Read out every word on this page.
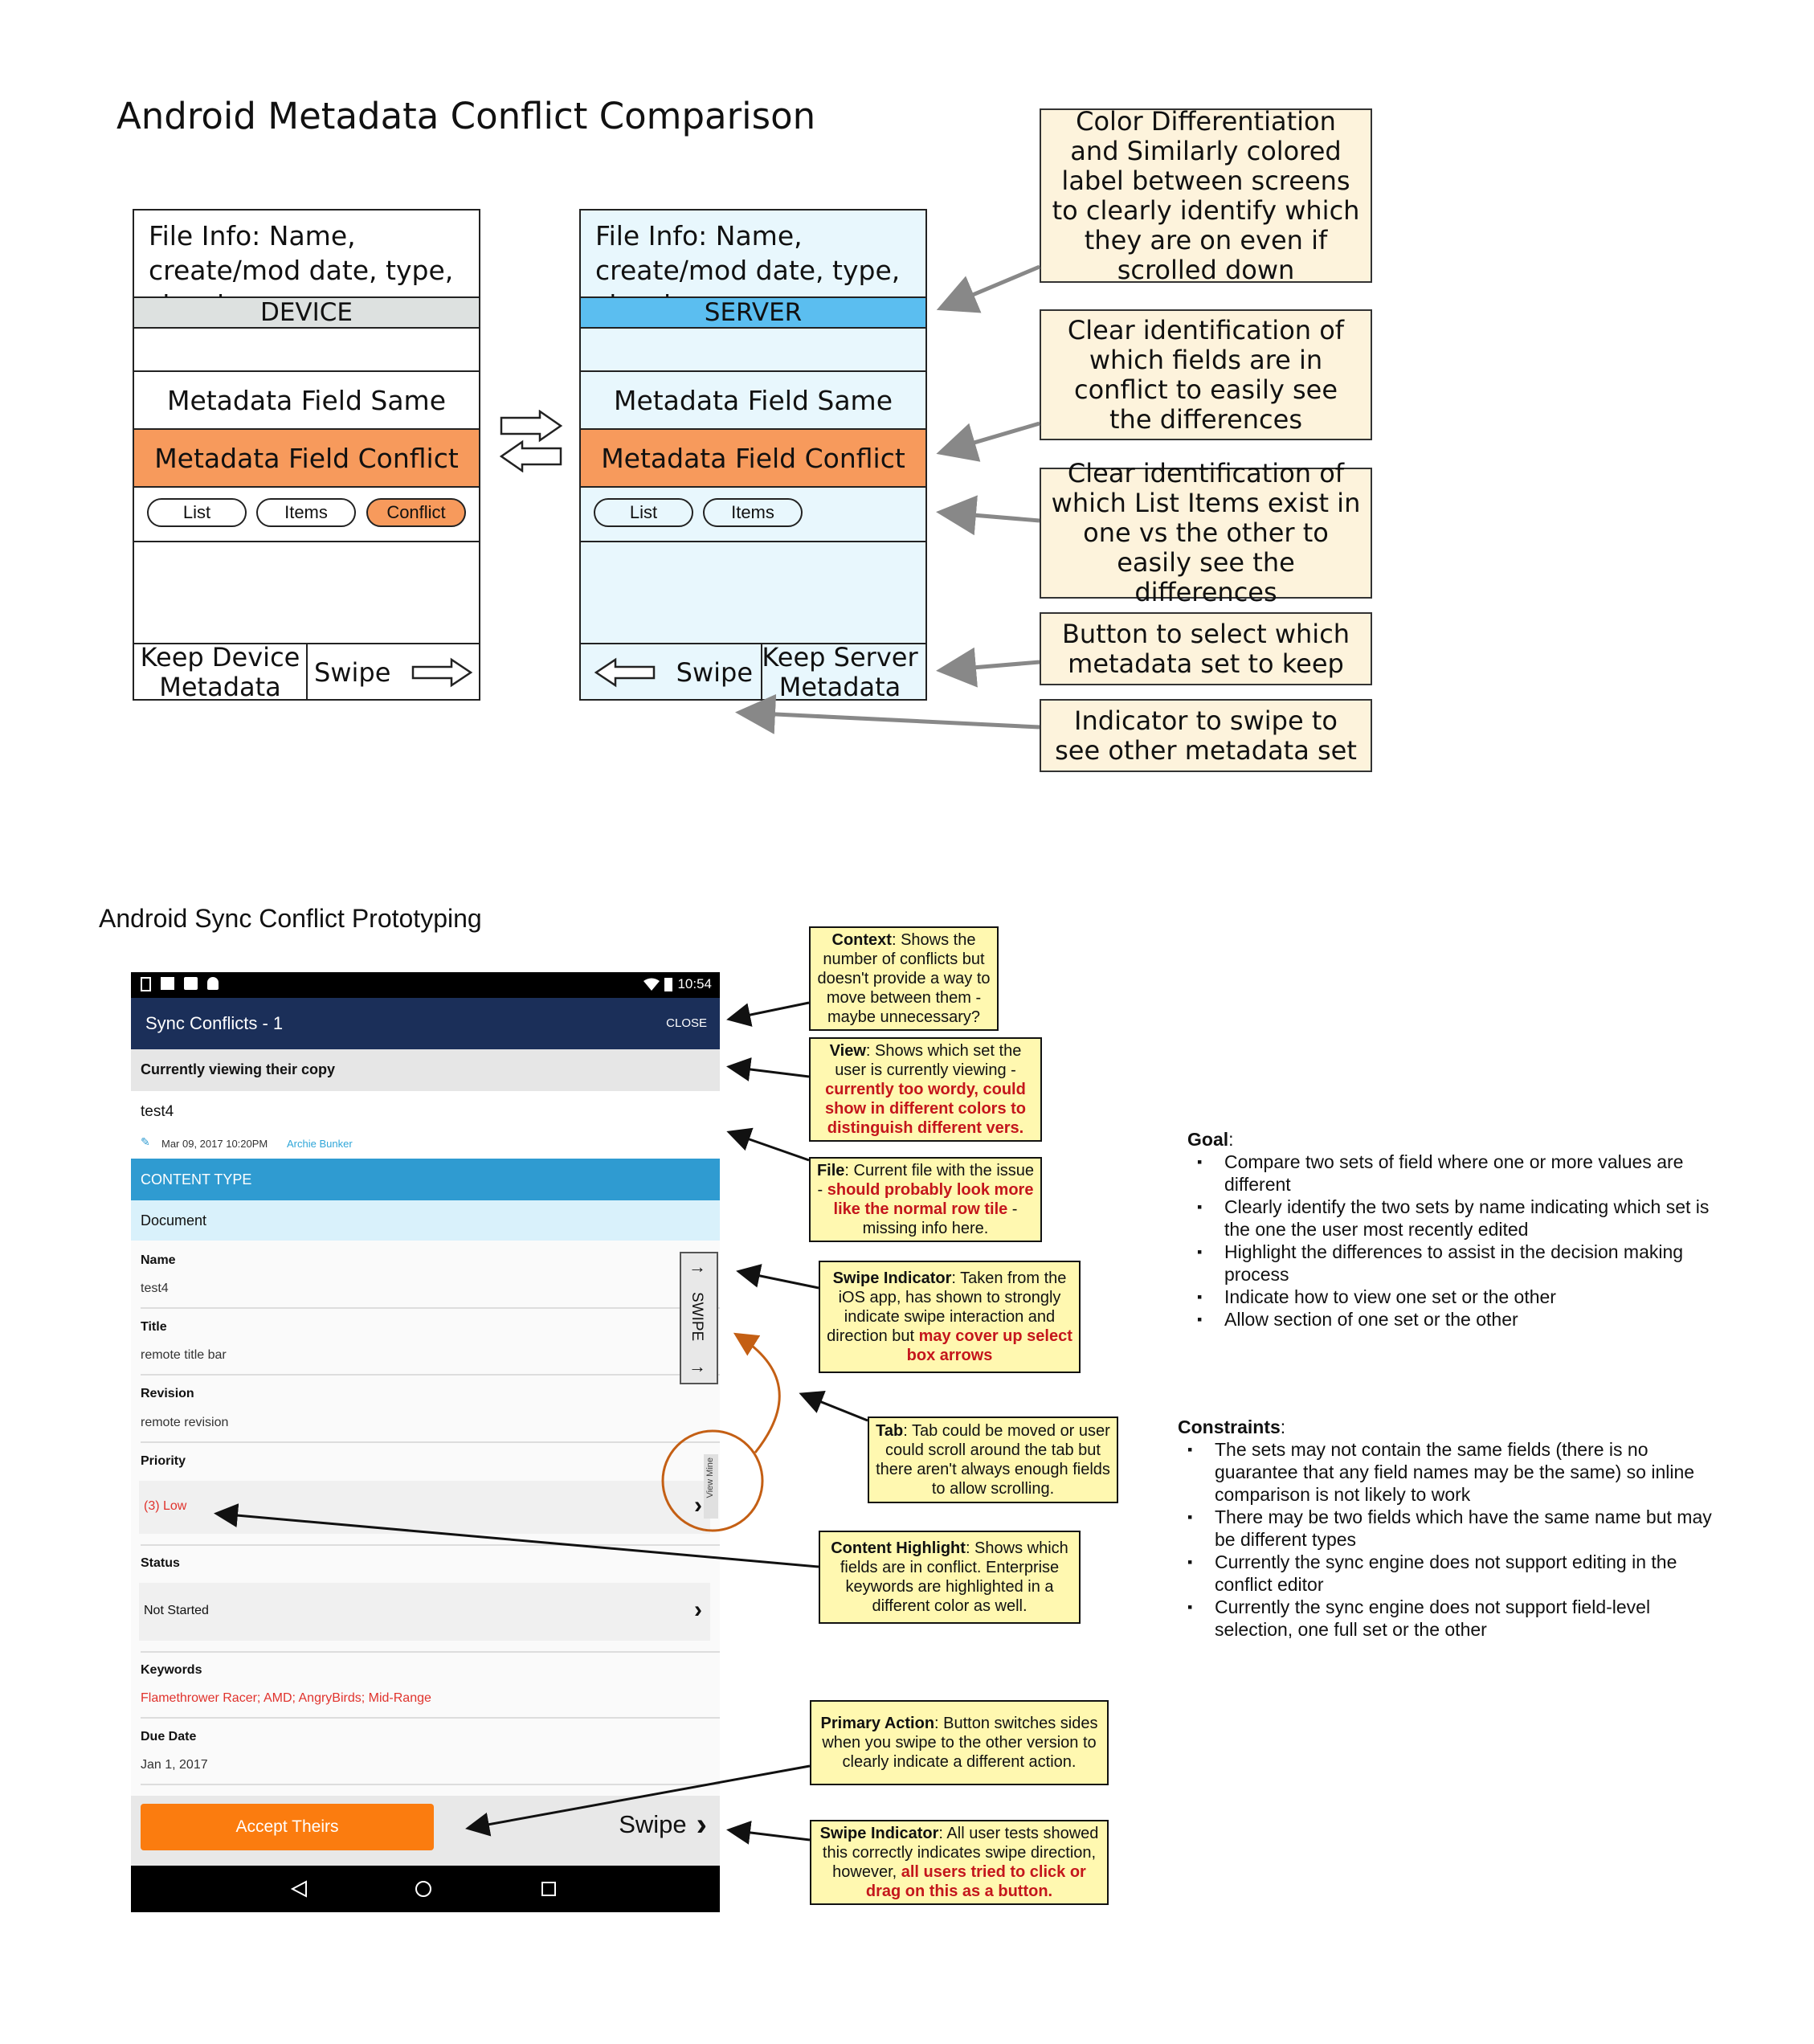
Android Metadata Conflict Comparison
File Info: Name, create/mod date, type,
DEVICE
Metadata Field Same
Metadata Field Conflict
List	Items	Conflict
Keep Device Metadata	Swipe
File Info: Name, create/mod date, type,
SERVER
Metadata Field Same
Metadata Field Conflict
List	Items
Swipe Keep Server Metadata
Color Differentiation and Similarly colored label between screens to clearly identify which they are on even if scrolled down
Clear identification of which fields are in conflict to easily see the differences
Clear identification of which List Items exist in one vs the other to easily see the differences
Button to select which metadata set to keep
Indicator to swipe to see other metadata set
Android Sync Conflict Prototyping
10:54
Sync Conflicts - 1	CLOSE
Currently viewing their copy
test4
✎ Mar 09, 2017 10:20PM Archie Bunker
CONTENT TYPE
Document
Name
test4
Title
remote title bar
Revision
remote revision
Priority
(3) Low	›
Status
Not Started	›
Keywords
Flamethrower Racer; AMD; AngryBirds; Mid-Range
Due Date
Jan 1, 2017
→
SWIPE
→
View Mine
Accept Theirs	Swipe ›
Context: Shows the number of conflicts but doesn't provide a way to move between them - maybe unnecessary?
View: Shows which set the user is currently viewing - currently too wordy, could show in different colors to distinguish different vers.
File: Current file with the issue - should probably look more like the normal row tile - missing info here.
Swipe Indicator: Taken from the iOS app, has shown to strongly indicate swipe interaction and direction but may cover up select box arrows
Tab: Tab could be moved or user could scroll around the tab but there aren't always enough fields to allow scrolling.
Content Highlight: Shows which fields are in conflict. Enterprise keywords are highlighted in a different color as well.
Primary Action: Button switches sides when you swipe to the other version to clearly indicate a different action.
Swipe Indicator: All user tests showed this correctly indicates swipe direction, however, all users tried to click or drag on this as a button.
Goal:
▪ Compare two sets of field where one or more values are different
▪ Clearly identify the two sets by name indicating which set is the one the user most recently edited
▪ Highlight the differences to assist in the decision making process
▪ Indicate how to view one set or the other
▪ Allow section of one set or the other
Constraints:
▪ The sets may not contain the same fields (there is no guarantee that any field names may be the same) so inline comparison is not likely to work
▪ There may be two fields which have the same name but may be different types
▪ Currently the sync engine does not support editing in the conflict editor
▪ Currently the sync engine does not support field-level selection, one full set or the other
